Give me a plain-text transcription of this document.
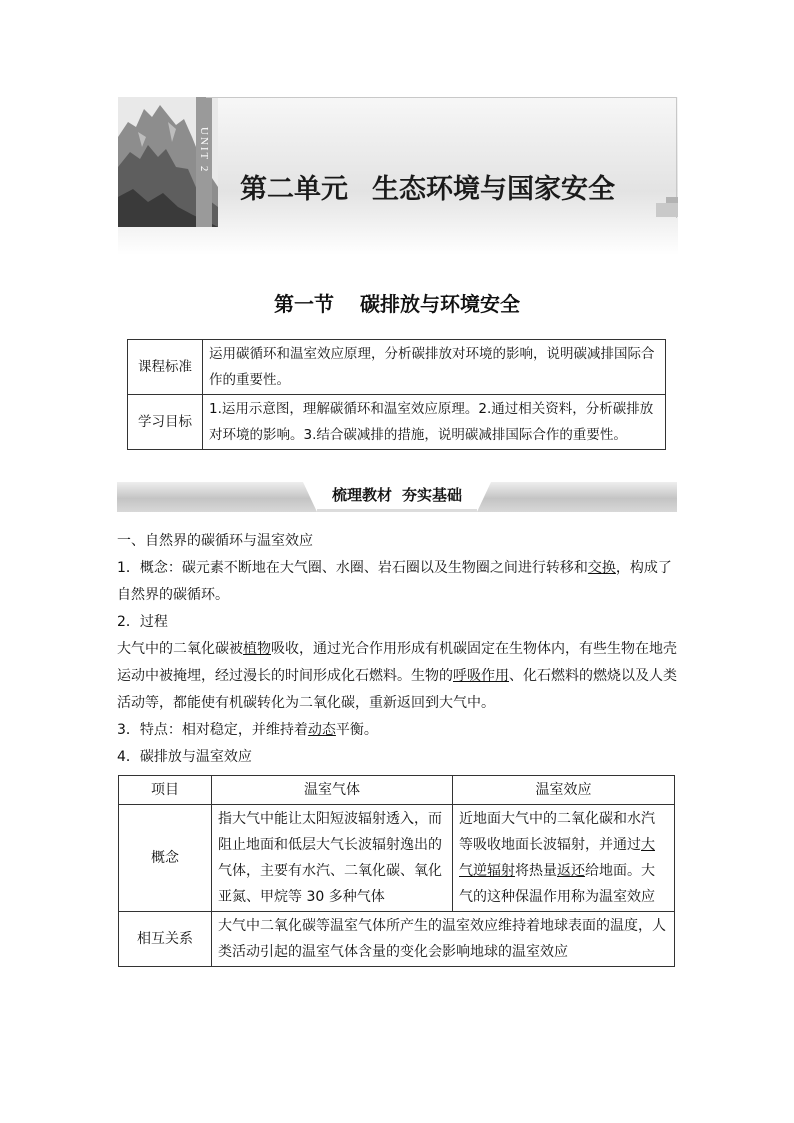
UNIT 2
第二单元 生态环境与国家安全
第一节 碳排放与环境安全
课程标准	运用碳循环和温室效应原理，分析碳排放对环境的影响，说明碳减排国际合作的重要性。
学习目标	1.运用示意图，理解碳循环和温室效应原理。2.通过相关资料，分析碳排放对环境的影响。3.结合碳减排的措施，说明碳减排国际合作的重要性。
梳理教材 夯实基础

一、自然界的碳循环与温室效应

1．概念：碳元素不断地在大气圈、水圈、岩石圈以及生物圈之间进行转移和交换，构成了自然界的碳循环。

2．过程

大气中的二氧化碳被植物吸收，通过光合作用形成有机碳固定在生物体内，有些生物在地壳运动中被掩埋，经过漫长的时间形成化石燃料。生物的呼吸作用、化石燃料的燃烧以及人类活动等，都能使有机碳转化为二氧化碳，重新返回到大气中。

3．特点：相对稳定，并维持着动态平衡。

4．碳排放与温室效应

项目	温室气体	温室效应
概念	指大气中能让太阳短波辐射透入，而阻止地面和低层大气长波辐射逸出的气体，主要有水汽、二氧化碳、氧化亚氮、甲烷等 30 多种气体	近地面大气中的二氧化碳和水汽等吸收地面长波辐射，并通过大气逆辐射将热量返还给地面。大气的这种保温作用称为温室效应
相互关系	大气中二氧化碳等温室气体所产生的温室效应维持着地球表面的温度，人类活动引起的温室气体含量的变化会影响地球的温室效应	
